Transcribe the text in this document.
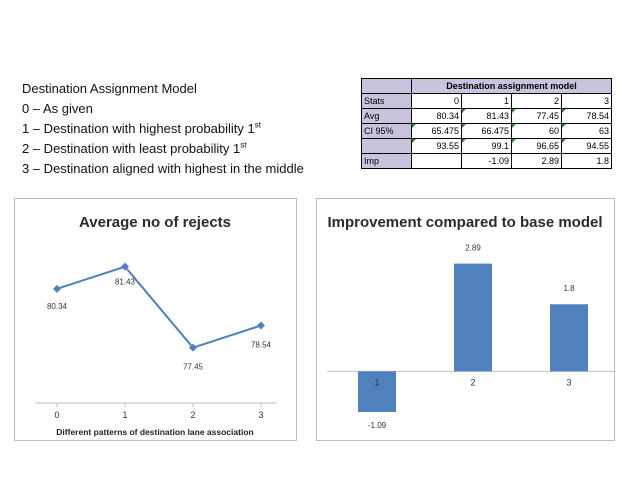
Destination Assignment Model
0 – As given
1 – Destination with highest probability 1st
2 – Destination with least probability 1st
3 – Destination aligned with highest in the middle
	Destination assignment model			
Stats	0	1	2	3
Avg	80.34	81.43	77.45	78.54
CI 95%	65.475	66.475	60	63
	93.55	99.1	96.65	94.55
Imp		-1.09	2.89	1.8
Average no of rejects
Different patterns of destination lane association
80.34
0
81.43
1
77.45
2
78.54
3
Improvement compared to base model
-1.09
1
2.89
2
1.8
3
